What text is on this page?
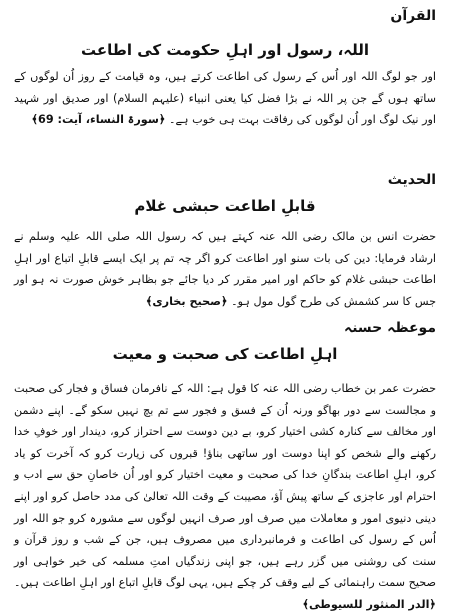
القرآن
اللہ، رسول اور اہلِ حکومت کی اطاعت
اور جو لوگ اللہ اور اُس کے رسول کی اطاعت کرتے ہیں، وہ قیامت کے روز اُن لوگوں کے ساتھ ہوں گے جن پر اللہ نے بڑا فضل کیا یعنی انبیاء (علیہم السلام) اور صدیق اور شہید اور نیک لوگ اور اُن لوگوں کی رفاقت بہت ہی خوب ہے۔ ﴿سورۃ النساء، آیت: 69﴾
الحدیث
قابلِ اطاعت حبشی غلام
حضرت انس بن مالک رضی اللہ عنہ کہتے ہیں کہ رسول اللہ صلی اللہ علیہ وسلم نے ارشاد فرمایا: دین کی بات سنو اور اطاعت کرو اگر چہ تم پر ایک ایسے قابلِ اتباع اور اہلِ اطاعت حبشی غلام کو حاکم اور امیر مقرر کر دیا جائے جو بظاہر خوش صورت نہ ہو اور جس کا سر کشمش کی طرح گول مول ہو۔ ﴿صحیح بخاری﴾
موعظہ حسنہ
اہلِ اطاعت کی صحبت و معیت
حضرت عمر بن خطاب رضی اللہ عنہ کا قول ہے: اللہ کے نافرمان فساق و فجار کی صحبت و مجالست سے دور بھاگو ورنہ اُن کے فسق و فجور سے تم بچ نہیں سکو گے۔ اپنے دشمن اور مخالف سے کنارہ کشی اختیار کرو، بے دین دوست سے احتراز کرو، دیندار اور خوفِ خدا رکھنے والے شخص کو اپنا دوست اور ساتھی بناؤ! قبروں کی زیارت کرو کہ آخرت کو یاد کرو، اہلِ اطاعت بندگانِ خدا کی صحبت و معیت اختیار کرو اور اُن خاصانِ حق سے ادب و احترام اور عاجزی کے ساتھ پیش آؤ، مصیبت کے وقت اللہ تعالیٰ کی مدد حاصل کرو اور اپنے دینی دنیوی امور و معاملات میں صرف اور صرف انہیں لوگوں سے مشورہ کرو جو اللہ اور اُس کے رسول کی اطاعت و فرمانبرداری میں مصروف ہیں، جن کے شب و روز قرآن و سنت کی روشنی میں گزر رہے ہیں، جو اپنی زندگیاں امتِ مسلمہ کی خیر خواہی اور صحیح سمت راہنمائی کے لیے وقف کر چکے ہیں، یہی لوگ قابلِ اتباع اور اہلِ اطاعت ہیں۔ ﴿الدر المنثور للسیوطی﴾
